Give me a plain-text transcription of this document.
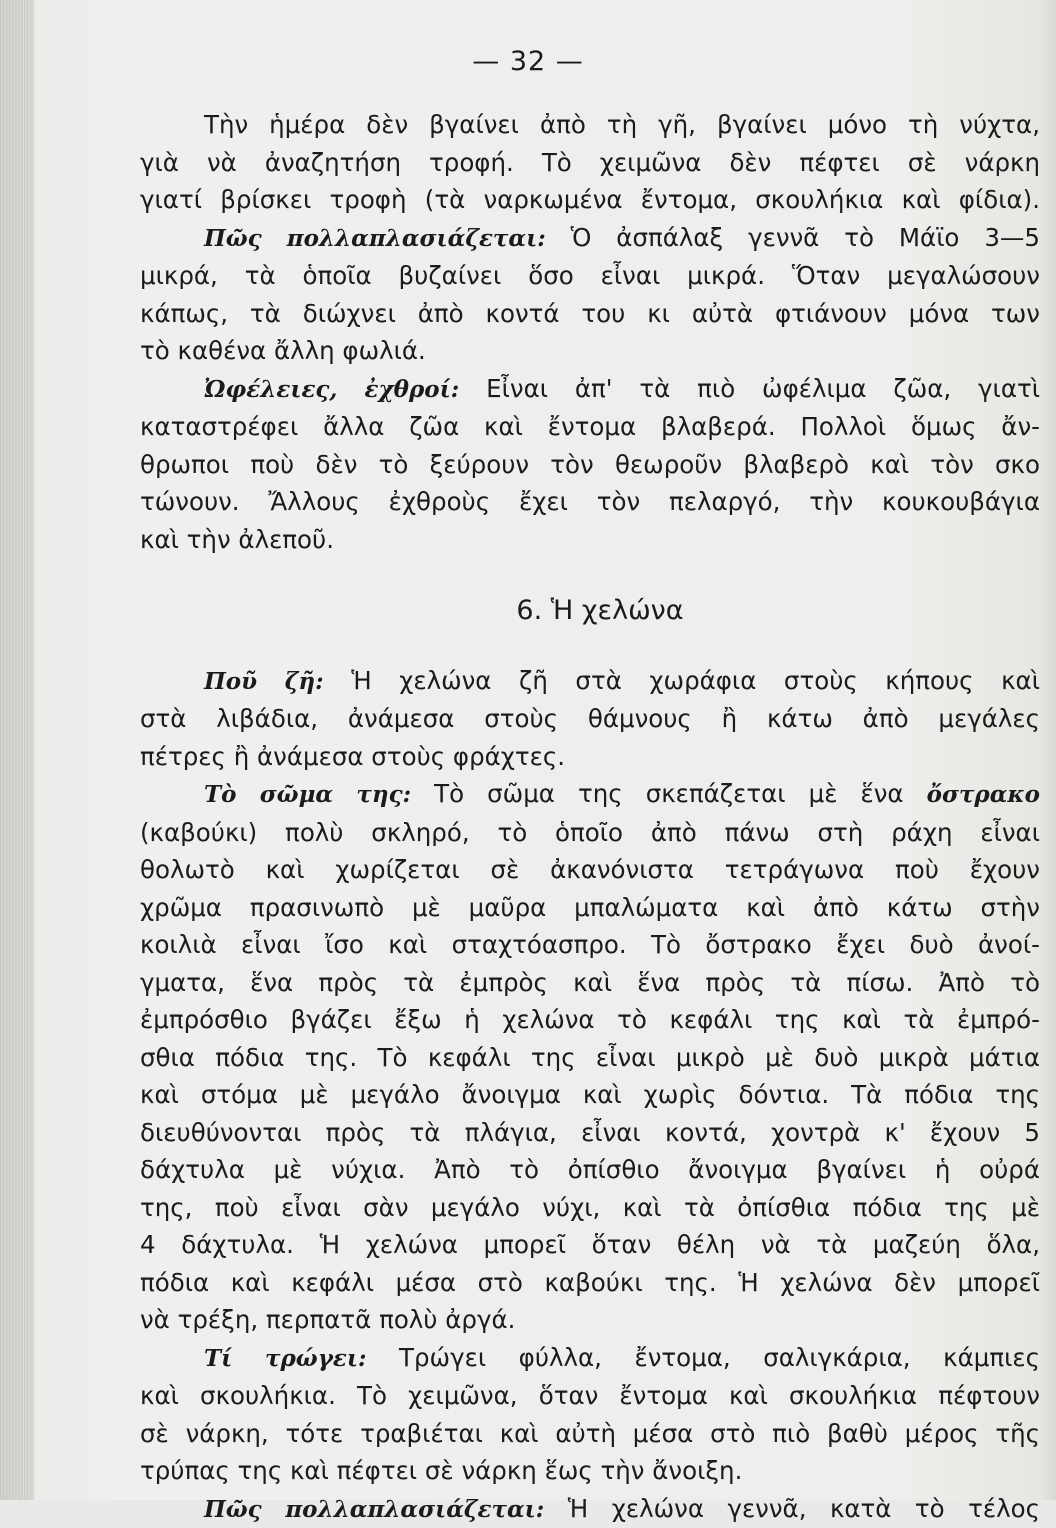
— 32 —
Τὴν ἡμέρα δὲν βγαίνει ἀπὸ τὴ γῆ, βγαίνει μόνο τὴ νύχτα,
γιὰ νὰ ἀναζητήση τροφή. Τὸ χειμῶνα δὲν πέφτει σὲ νάρκη
γιατί βρίσκει τροφὴ (τὰ ναρκωμένα ἔντομα, σκουλήκια καὶ φίδια).
Πῶς πολλαπλασιάζεται: Ὁ ἀσπάλαξ γεννᾶ τὸ Μάϊο 3—5
μικρά, τὰ ὁποῖα βυζαίνει ὅσο εἶναι μικρά. Ὅταν μεγαλώσουν
κάπως, τὰ διώχνει ἀπὸ κοντά του κι αὐτὰ φτιάνουν μόνα των
τὸ καθένα ἄλλη φωλιά.
Ὠφέλειες, ἐχθροί: Εἶναι ἀπ' τὰ πιὸ ὠφέλιμα ζῶα, γιατὶ
καταστρέφει ἄλλα ζῶα καὶ ἔντομα βλαβερά. Πολλοὶ ὅμως ἄν-
θρωποι ποὺ δὲν τὸ ξεύρουν τὸν θεωροῦν βλαβερὸ καὶ τὸν σκο
τώνουν. Ἄλλους ἐχθροὺς ἔχει τὸν πελαργό, τὴν κουκουβάγια
καὶ τὴν ἀλεποῦ.
6. Ἡ χελώνα
Ποῦ ζῆ: Ἡ χελώνα ζῆ στὰ χωράφια στοὺς κήπους καὶ
στὰ λιβάδια, ἀνάμεσα στοὺς θάμνους ἢ κάτω ἀπὸ μεγάλες
πέτρες ἢ ἀνάμεσα στοὺς φράχτες.
Τὸ σῶμα της: Τὸ σῶμα της σκεπάζεται μὲ ἕνα ὄστρακο
(καβούκι) πολὺ σκληρό, τὸ ὁποῖο ἀπὸ πάνω στὴ ράχη εἶναι
θολωτὸ καὶ χωρίζεται σὲ ἀκανόνιστα τετράγωνα ποὺ ἔχουν
χρῶμα πρασινωπὸ μὲ μαῦρα μπαλώματα καὶ ἀπὸ κάτω στὴν
κοιλιὰ εἶναι ἴσο καὶ σταχτόασπρο. Τὸ ὄστρακο ἔχει δυὸ ἀνοί-
γματα, ἕνα πρὸς τὰ ἐμπρὸς καὶ ἕνα πρὸς τὰ πίσω. Ἀπὸ τὸ
ἐμπρόσθιο βγάζει ἔξω ἡ χελώνα τὸ κεφάλι της καὶ τὰ ἐμπρό-
σθια πόδια της. Τὸ κεφάλι της εἶναι μικρὸ μὲ δυὸ μικρὰ μάτια
καὶ στόμα μὲ μεγάλο ἄνοιγμα καὶ χωρὶς δόντια. Τὰ πόδια της
διευθύνονται πρὸς τὰ πλάγια, εἶναι κοντά, χοντρὰ κ' ἔχουν 5
δάχτυλα μὲ νύχια. Ἀπὸ τὸ ὀπίσθιο ἄνοιγμα βγαίνει ἡ οὐρά
της, ποὺ εἶναι σὰν μεγάλο νύχι, καὶ τὰ ὀπίσθια πόδια της μὲ
4 δάχτυλα. Ἡ χελώνα μπορεῖ ὅταν θέλη νὰ τὰ μαζεύη ὅλα,
πόδια καὶ κεφάλι μέσα στὸ καβούκι της. Ἡ χελώνα δὲν μπορεῖ
νὰ τρέξη, περπατᾶ πολὺ ἀργά.
Τί τρώγει: Τρώγει φύλλα, ἔντομα, σαλιγκάρια, κάμπιες
καὶ σκουλήκια. Τὸ χειμῶνα, ὅταν ἔντομα καὶ σκουλήκια πέφτουν
σὲ νάρκη, τότε τραβιέται καὶ αὐτὴ μέσα στὸ πιὸ βαθὺ μέρος τῆς
τρύπας της καὶ πέφτει σὲ νάρκη ἕως τὴν ἄνοιξη.
Πῶς πολλαπλασιάζεται: Ἡ χελώνα γεννᾶ, κατὰ τὸ τέλος
